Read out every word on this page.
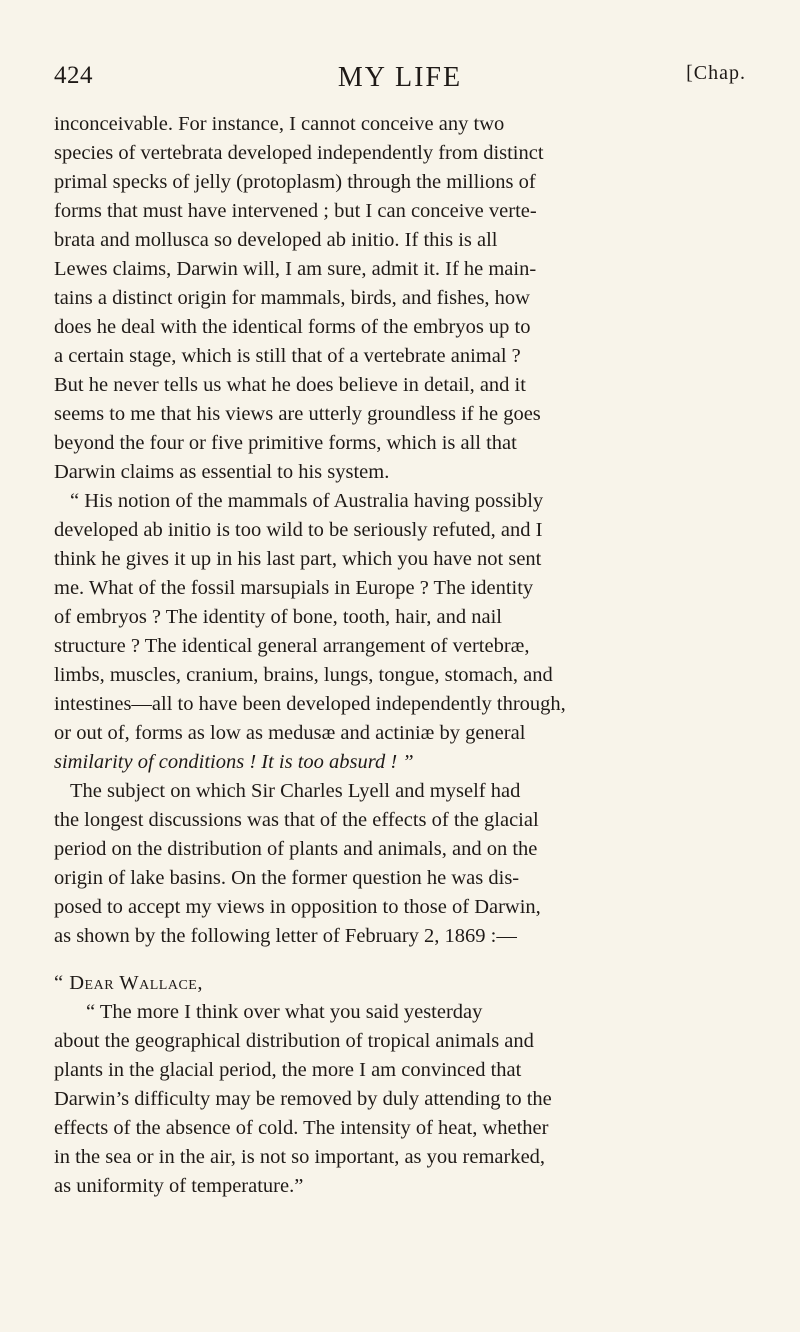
424	MY LIFE	[Chap.
inconceivable. For instance, I cannot conceive any two
species of vertebrata developed independently from distinct
primal specks of jelly (protoplasm) through the millions of
forms that must have intervened ; but I can conceive verte-
brata and mollusca so developed ab initio. If this is all
Lewes claims, Darwin will, I am sure, admit it. If he main-
tains a distinct origin for mammals, birds, and fishes, how
does he deal with the identical forms of the embryos up to
a certain stage, which is still that of a vertebrate animal ?
But he never tells us what he does believe in detail, and it
seems to me that his views are utterly groundless if he goes
beyond the four or five primitive forms, which is all that
Darwin claims as essential to his system.
“ His notion of the mammals of Australia having possibly
developed ab initio is too wild to be seriously refuted, and I
think he gives it up in his last part, which you have not sent
me. What of the fossil marsupials in Europe ? The identity
of embryos ? The identity of bone, tooth, hair, and nail
structure ? The identical general arrangement of vertebræ,
limbs, muscles, cranium, brains, lungs, tongue, stomach, and
intestines—all to have been developed independently through,
or out of, forms as low as medusæ and actiniæ by general
similarity of conditions ! It is too absurd ! ”
The subject on which Sir Charles Lyell and myself had
the longest discussions was that of the effects of the glacial
period on the distribution of plants and animals, and on the
origin of lake basins. On the former question he was dis-
posed to accept my views in opposition to those of Darwin,
as shown by the following letter of February 2, 1869 :—
“ Dear Wallace,
“ The more I think over what you said yesterday
about the geographical distribution of tropical animals and
plants in the glacial period, the more I am convinced that
Darwin’s difficulty may be removed by duly attending to the
effects of the absence of cold. The intensity of heat, whether
in the sea or in the air, is not so important, as you remarked,
as uniformity of temperature.”
